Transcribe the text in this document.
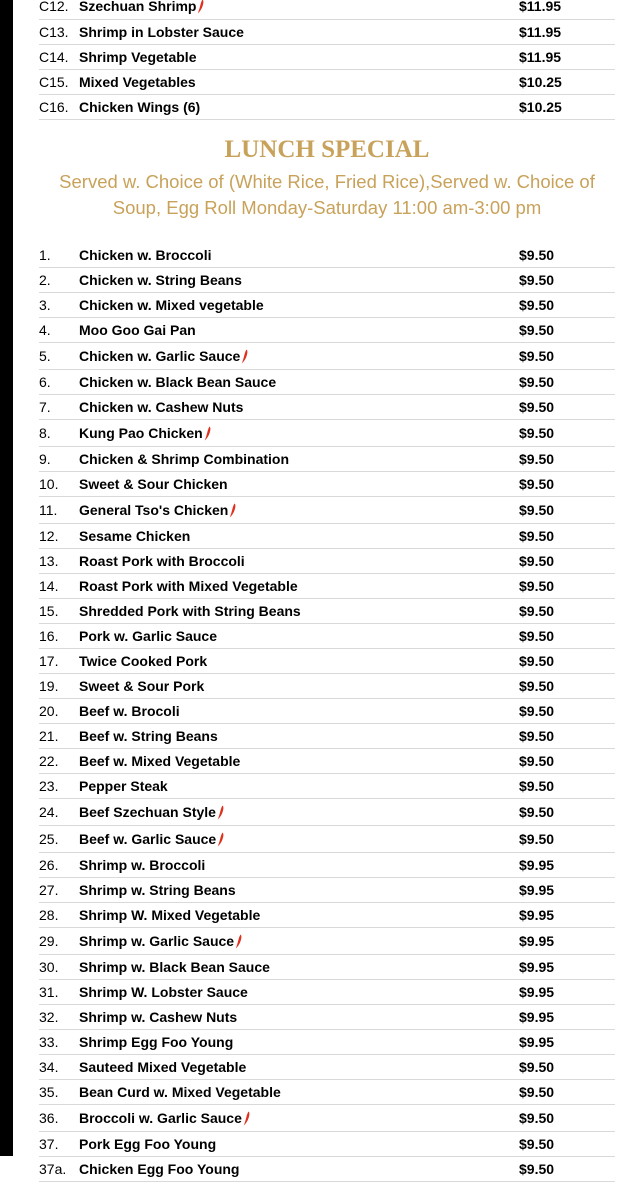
C12. Szechuan Shrimp	$11.95
C13. Shrimp in Lobster Sauce	$11.95
C14. Shrimp Vegetable	$11.95
C15. Mixed Vegetables	$10.25
C16. Chicken Wings (6)	$10.25
LUNCH SPECIAL

Served w. Choice of (White Rice, Fried Rice),Served w. Choice of Soup, Egg Roll Monday-Saturday 11:00 am-3:00 pm

1.	Chicken w. Broccoli	$9.50
2.	Chicken w. String Beans	$9.50
3.	Chicken w. Mixed vegetable	$9.50
4.	Moo Goo Gai Pan	$9.50
5.	Chicken w. Garlic Sauce	$9.50
6.	Chicken w. Black Bean Sauce	$9.50
7.	Chicken w. Cashew Nuts	$9.50
8.	Kung Pao Chicken	$9.50
9.	Chicken & Shrimp Combination	$9.50
10.	Sweet & Sour Chicken	$9.50
11.	General Tso's Chicken	$9.50
12.	Sesame Chicken	$9.50
13.	Roast Pork with Broccoli	$9.50
14.	Roast Pork with Mixed Vegetable	$9.50
15.	Shredded Pork with String Beans	$9.50
16.	Pork w. Garlic Sauce	$9.50
17.	Twice Cooked Pork	$9.50
19.	Sweet & Sour Pork	$9.50
20.	Beef w. Brocoli	$9.50
21.	Beef w. String Beans	$9.50
22.	Beef w. Mixed Vegetable	$9.50
23.	Pepper Steak	$9.50
24.	Beef Szechuan Style	$9.50
25.	Beef w. Garlic Sauce	$9.50
26.	Shrimp w. Broccoli	$9.95
27.	Shrimp w. String Beans	$9.95
28.	Shrimp W. Mixed Vegetable	$9.95
29.	Shrimp w. Garlic Sauce	$9.95
30.	Shrimp w. Black Bean Sauce	$9.95
31.	Shrimp W. Lobster Sauce	$9.95
32.	Shrimp w. Cashew Nuts	$9.95
33.	Shrimp Egg Foo Young	$9.95
34.	Sauteed Mixed Vegetable	$9.50
35.	Bean Curd w. Mixed Vegetable	$9.50
36.	Broccoli w. Garlic Sauce	$9.50
37.	Pork Egg Foo Young	$9.50
37a. Chicken Egg Foo Young	$9.50
